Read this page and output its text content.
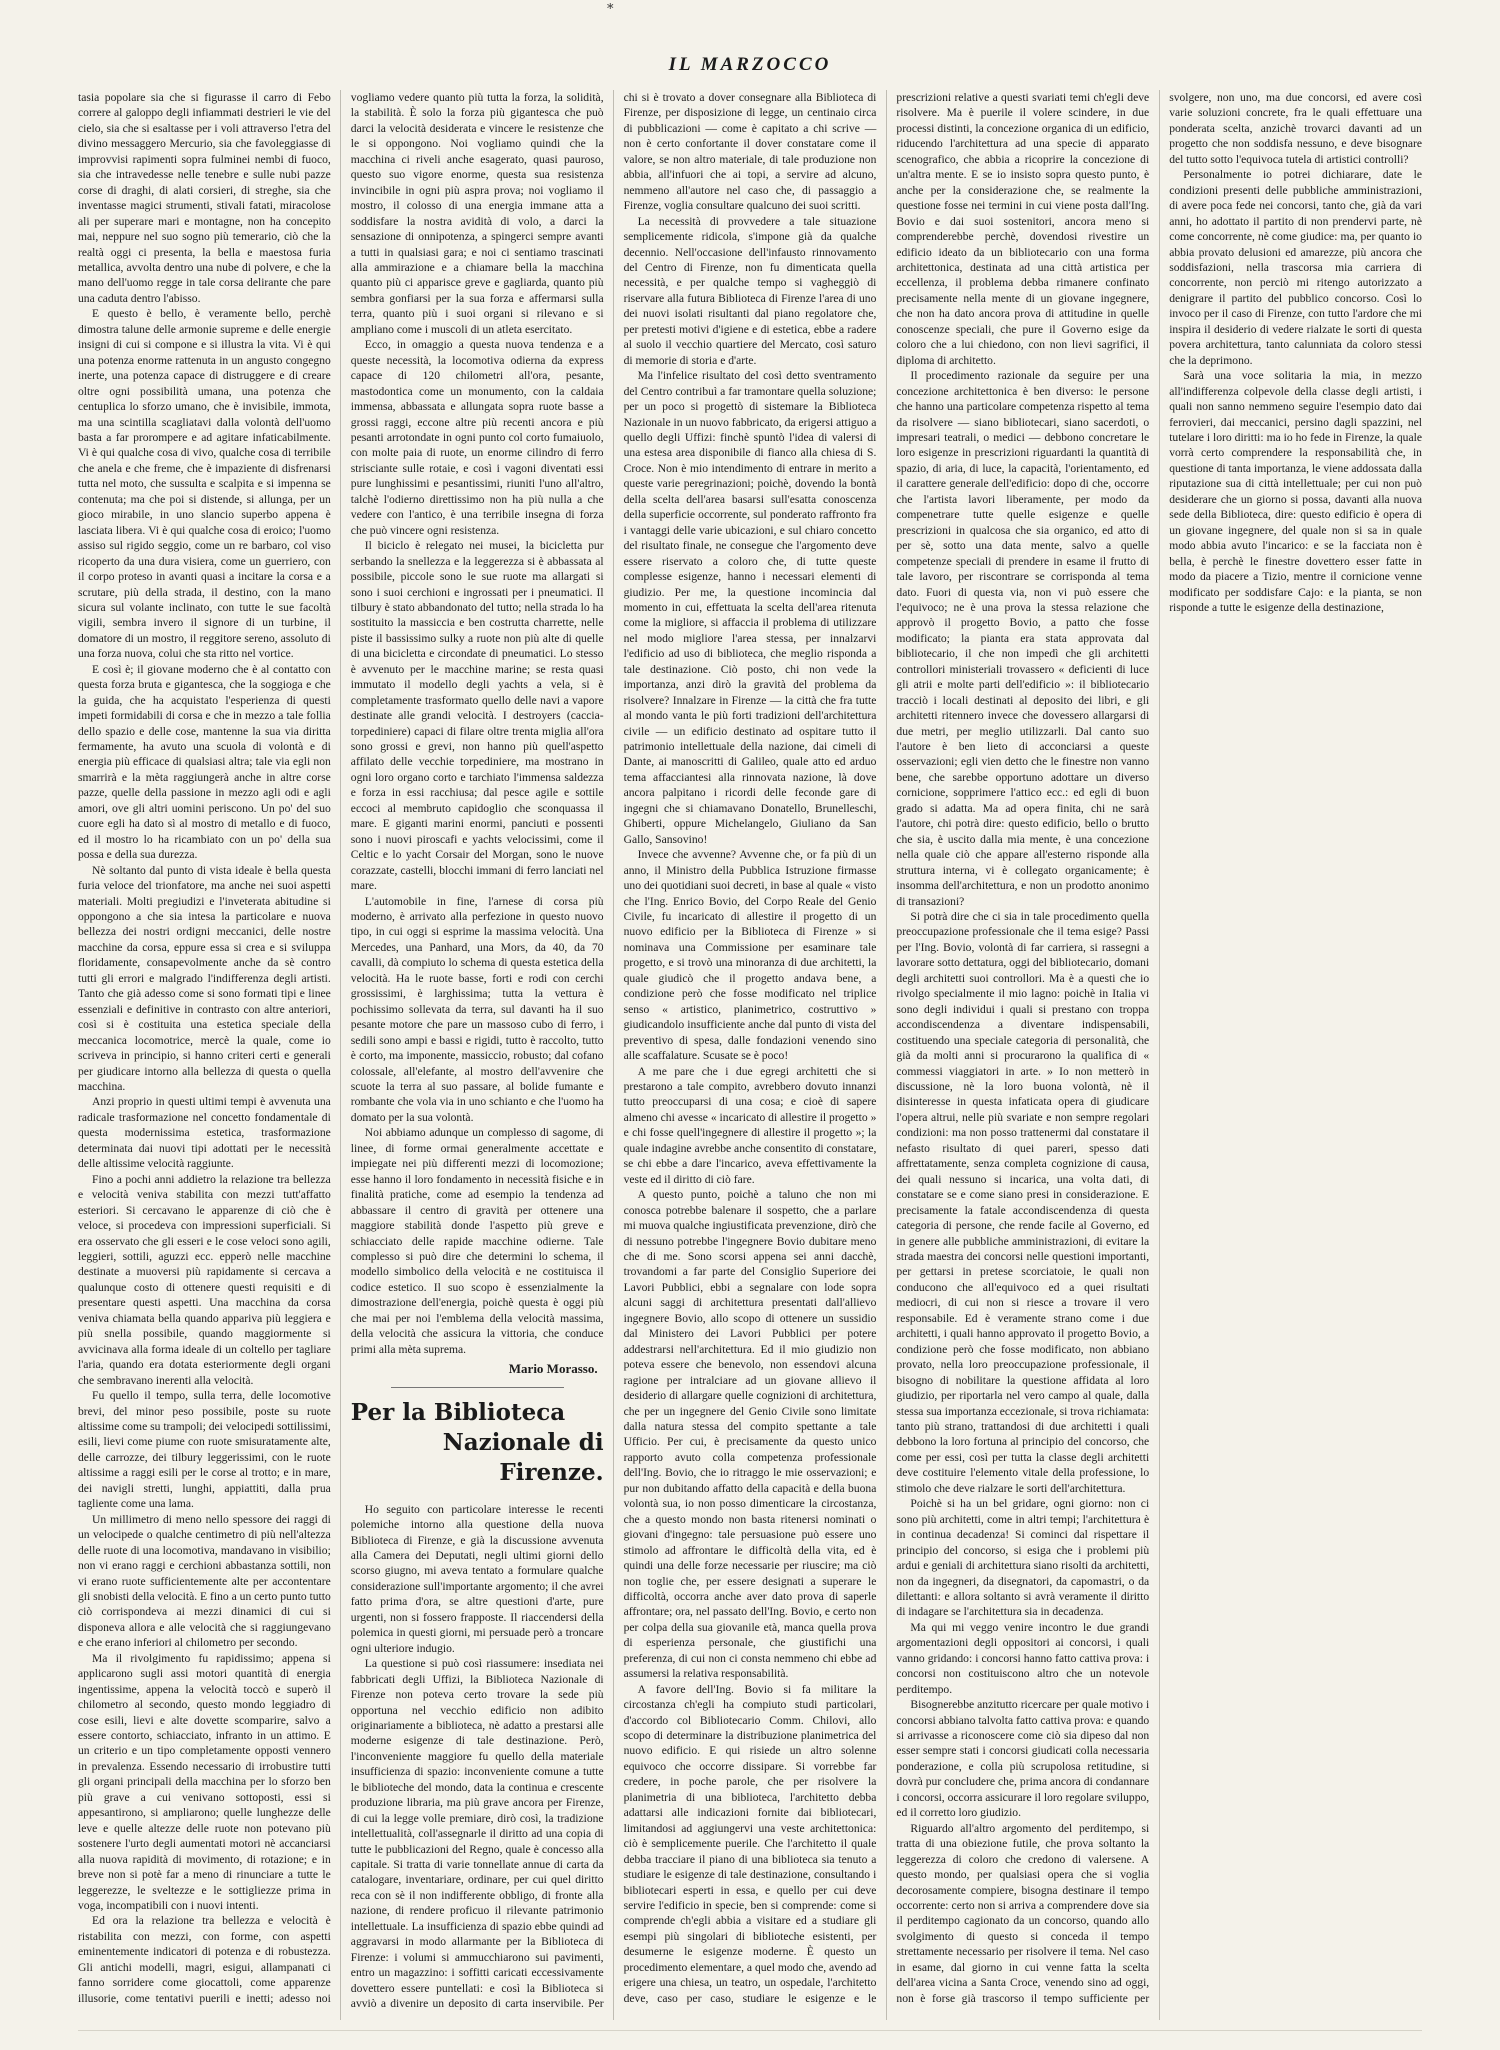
*
IL MARZOCCO

tasia popolare sia che si figurasse il carro di Febo correre al galoppo degli infiammati destrieri le vie del cielo, sia che si esaltasse per i voli attraverso l'etra del divino messaggero Mercurio, sia che favoleggiasse di improvvisi rapimenti sopra fulminei nembi di fuoco, sia che intravedesse nelle tenebre e sulle nubi pazze corse di draghi, di alati corsieri, di streghe, sia che inventasse magici strumenti, stivali fatati, miracolose ali per superare mari e montagne, non ha concepito mai, neppure nel suo sogno più temerario, ciò che la realtà oggi ci presenta, la bella e maestosa furia metallica, avvolta dentro una nube di polvere, e che la mano dell'uomo regge in tale corsa delirante che pare una caduta dentro l'abisso.

E questo è bello, è veramente bello, perchè dimostra talune delle armonie supreme e delle energie insigni di cui si compone e si illustra la vita. Vi è qui una potenza enorme rattenuta in un angusto congegno inerte, una potenza capace di distruggere e di creare oltre ogni possibilità umana, una potenza che centuplica lo sforzo umano, che è invisibile, immota, ma una scintilla scagliatavi dalla volontà dell'uomo basta a far prorompere e ad agitare infaticabilmente. Vi è qui qualche cosa di vivo, qualche cosa di terribile che anela e che freme, che è impaziente di disfrenarsi tutta nel moto, che sussulta e scalpita e si impenna se contenuta; ma che poi si distende, si allunga, per un gioco mirabile, in uno slancio superbo appena è lasciata libera. Vi è qui qualche cosa di eroico; l'uomo assiso sul rigido seggio, come un re barbaro, col viso ricoperto da una dura visiera, come un guerriero, con il corpo proteso in avanti quasi a incitare la corsa e a scrutare, più della strada, il destino, con la mano sicura sul volante inclinato, con tutte le sue facoltà vigili, sembra invero il signore di un turbine, il domatore di un mostro, il reggitore sereno, assoluto di una forza nuova, colui che sta ritto nel vortice.

E così è; il giovane moderno che è al contatto con questa forza bruta e gigantesca, che la soggioga e che la guida, che ha acquistato l'esperienza di questi impeti formidabili di corsa e che in mezzo a tale follia dello spazio e delle cose, mantenne la sua via diritta fermamente, ha avuto una scuola di volontà e di energia più efficace di qualsiasi altra; tale via egli non smarrirà e la mèta raggiungerà anche in altre corse pazze, quelle della passione in mezzo agli odi e agli amori, ove gli altri uomini periscono. Un po' del suo cuore egli ha dato sì al mostro di metallo e di fuoco, ed il mostro lo ha ricambiato con un po' della sua possa e della sua durezza.

Nè soltanto dal punto di vista ideale è bella questa furia veloce del trionfatore, ma anche nei suoi aspetti materiali. Molti pregiudizi e l'inveterata abitudine si oppongono a che sia intesa la particolare e nuova bellezza dei nostri ordigni meccanici, delle nostre macchine da corsa, eppure essa si crea e si sviluppa floridamente, consapevolmente anche da sè contro tutti gli errori e malgrado l'indifferenza degli artisti. Tanto che già adesso come si sono formati tipi e linee essenziali e definitive in contrasto con altre anteriori, così si è costituita una estetica speciale della meccanica locomotrice, mercè la quale, come io scriveva in principio, si hanno criteri certi e generali per giudicare intorno alla bellezza di questa o quella macchina.

Anzi proprio in questi ultimi tempi è avvenuta una radicale trasformazione nel concetto fondamentale di questa modernissima estetica, trasformazione determinata dai nuovi tipi adottati per le necessità delle altissime velocità raggiunte.

Fino a pochi anni addietro la relazione tra bellezza e velocità veniva stabilita con mezzi tutt'affatto esteriori. Si cercavano le apparenze di ciò che è veloce, si procedeva con impressioni superficiali. Si era osservato che gli esseri e le cose veloci sono agili, leggieri, sottili, aguzzi ecc. epperò nelle macchine destinate a muoversi più rapidamente si cercava a qualunque costo di ottenere questi requisiti e di presentare questi aspetti. Una macchina da corsa veniva chiamata bella quando appariva più leggiera e più snella possibile, quando maggiormente si avvicinava alla forma ideale di un coltello per tagliare l'aria, quando era dotata esteriormente degli organi che sembravano inerenti alla velocità.

Fu quello il tempo, sulla terra, delle locomotive brevi, del minor peso possibile, poste su ruote altissime come su trampoli; dei velocipedi sottilissimi, esili, lievi come piume con ruote smisuratamente alte, delle carrozze, dei tilbury leggerissimi, con le ruote altissime a raggi esili per le corse al trotto; e in mare, dei navigli stretti, lunghi, appiattiti, dalla prua tagliente come una lama.

Un millimetro di meno nello spessore dei raggi di un velocipede o qualche centimetro di più nell'altezza delle ruote di una locomotiva, mandavano in visibilio; non vi erano raggi e cerchioni abbastanza sottili, non vi erano ruote sufficientemente alte per accontentare gli snobisti della velocità. E fino a un certo punto tutto ciò corrispondeva ai mezzi dinamici di cui si disponeva allora e alle velocità che si raggiungevano e che erano inferiori al chilometro per secondo.

Ma il rivolgimento fu rapidissimo; appena si applicarono sugli assi motori quantità di energia ingentissime, appena la velocità toccò e superò il chilometro al secondo, questo mondo leggiadro di cose esili, lievi e alte dovette scomparire, salvo a essere contorto, schiacciato, infranto in un attimo. E un criterio e un tipo completamente opposti vennero in prevalenza. Essendo necessario di irrobustire tutti gli organi principali della macchina per lo sforzo ben più grave a cui venivano sottoposti, essi si appesantirono, si ampliarono; quelle lunghezze delle leve e quelle altezze delle ruote non potevano più sostenere l'urto degli aumentati motori nè accanciarsi alla nuova rapidità di movimento, di rotazione; e in breve non si potè far a meno di rinunciare a tutte le leggerezze, le sveltezze e le sottigliezze prima in voga, incompatibili con i nuovi intenti.

Ed ora la relazione tra bellezza e velocità è ristabilita con mezzi, con forme, con aspetti eminentemente indicatori di potenza e di robustezza. Gli antichi modelli, magri, esigui, allampanati ci fanno sorridere come giocattoli, come apparenze illusorie, come tentativi puerili e inetti; adesso noi vogliamo vedere quanto più tutta la forza, la solidità, la stabilità. È solo la forza più gigantesca che può darci la velocità desiderata e vincere le resistenze che le si oppongono. Noi vogliamo quindi che la macchina ci riveli anche esagerato, quasi pauroso, questo suo vigore enorme, questa sua resistenza invincibile in ogni più aspra prova; noi vogliamo il mostro, il colosso di una energia immane atta a soddisfare la nostra avidità di volo, a darci la sensazione di onnipotenza, a spingerci sempre avanti a tutti in qualsiasi gara; e noi ci sentiamo trascinati alla ammirazione e a chiamare bella la macchina quanto più ci apparisce greve e gagliarda, quanto più sembra gonfiarsi per la sua forza e affermarsi sulla terra, quanto più i suoi organi si rilevano e si ampliano come i muscoli di un atleta esercitato.

Ecco, in omaggio a questa nuova tendenza e a queste necessità, la locomotiva odierna da express capace di 120 chilometri all'ora, pesante, mastodontica come un monumento, con la caldaia immensa, abbassata e allungata sopra ruote basse a grossi raggi, eccone altre più recenti ancora e più pesanti arrotondate in ogni punto col corto fumaiuolo, con molte paia di ruote, un enorme cilindro di ferro strisciante sulle rotaie, e così i vagoni diventati essi pure lunghissimi e pesantissimi, riuniti l'uno all'altro, talchè l'odierno direttissimo non ha più nulla a che vedere con l'antico, è una terribile insegna di forza che può vincere ogni resistenza.

Il biciclo è relegato nei musei, la bicicletta pur serbando la snellezza e la leggerezza si è abbassata al possibile, piccole sono le sue ruote ma allargati si sono i suoi cerchioni e ingrossati per i pneumatici. Il tilbury è stato abbandonato del tutto; nella strada lo ha sostituito la massiccia e ben costrutta charrette, nelle piste il bassissimo sulky a ruote non più alte di quelle di una bicicletta e circondate di pneumatici. Lo stesso è avvenuto per le macchine marine; se resta quasi immutato il modello degli yachts a vela, si è completamente trasformato quello delle navi a vapore destinate alle grandi velocità. I destroyers (caccia-torpediniere) capaci di filare oltre trenta miglia all'ora sono grossi e grevi, non hanno più quell'aspetto affilato delle vecchie torpediniere, ma mostrano in ogni loro organo corto e tarchiato l'immensa saldezza e forza in essi racchiusa; dal pesce agile e sottile eccoci al membruto capidoglio che sconquassa il mare. E giganti marini enormi, panciuti e possenti sono i nuovi piroscafi e yachts velocissimi, come il Celtic e lo yacht Corsair del Morgan, sono le nuove corazzate, castelli, blocchi immani di ferro lanciati nel mare.

L'automobile in fine, l'arnese di corsa più moderno, è arrivato alla perfezione in questo nuovo tipo, in cui oggi si esprime la massima velocità. Una Mercedes, una Panhard, una Mors, da 40, da 70 cavalli, dà compiuto lo schema di questa estetica della velocità. Ha le ruote basse, forti e rodi con cerchi grossissimi, è larghissima; tutta la vettura è pochissimo sollevata da terra, sul davanti ha il suo pesante motore che pare un massoso cubo di ferro, i sedili sono ampi e bassi e rigidi, tutto è raccolto, tutto è corto, ma imponente, massiccio, robusto; dal cofano colossale, all'elefante, al mostro dell'avvenire che scuote la terra al suo passare, al bolide fumante e rombante che vola via in uno schianto e che l'uomo ha domato per la sua volontà.

Noi abbiamo adunque un complesso di sagome, di linee, di forme ormai generalmente accettate e impiegate nei più differenti mezzi di locomozione; esse hanno il loro fondamento in necessità fisiche e in finalità pratiche, come ad esempio la tendenza ad abbassare il centro di gravità per ottenere una maggiore stabilità donde l'aspetto più greve e schiacciato delle rapide macchine odierne. Tale complesso si può dire che determini lo schema, il modello simbolico della velocità e ne costituisca il codice estetico. Il suo scopo è essenzialmente la dimostrazione dell'energia, poichè questa è oggi più che mai per noi l'emblema della velocità massima, della velocità che assicura la vittoria, che conduce primi alla mèta suprema.

Mario Morasso.
Per la Biblioteca
Nazionale di Firenze.

Ho seguito con particolare interesse le recenti polemiche intorno alla questione della nuova Biblioteca di Firenze, e già la discussione avvenuta alla Camera dei Deputati, negli ultimi giorni dello scorso giugno, mi aveva tentato a formulare qualche considerazione sull'importante argomento; il che avrei fatto prima d'ora, se altre questioni d'arte, pure urgenti, non si fossero frapposte. Il riaccendersi della polemica in questi giorni, mi persuade però a troncare ogni ulteriore indugio.

La questione si può così riassumere: insediata nei fabbricati degli Uffizi, la Biblioteca Nazionale di Firenze non poteva certo trovare la sede più opportuna nel vecchio edificio non adibito originariamente a biblioteca, nè adatto a prestarsi alle moderne esigenze di tale destinazione. Però, l'inconveniente maggiore fu quello della materiale insufficienza di spazio: inconveniente comune a tutte le biblioteche del mondo, data la continua e crescente produzione libraria, ma più grave ancora per Firenze, di cui la legge volle premiare, dirò così, la tradizione intellettualità, coll'assegnarle il diritto ad una copia di tutte le pubblicazioni del Regno, quale è concesso alla capitale. Si tratta di varie tonnellate annue di carta da catalogare, inventariare, ordinare, per cui quel diritto reca con sè il non indifferente obbligo, di fronte alla nazione, di rendere proficuo il rilevante patrimonio intellettuale. La insufficienza di spazio ebbe quindi ad aggravarsi in modo allarmante per la Biblioteca di Firenze: i volumi si ammucchiarono sui pavimenti, entro un magazzino: i soffitti caricati eccessivamente dovettero essere puntellati: e così la Biblioteca si avviò a divenire un deposito di carta inservibile. Per chi si è trovato a dover consegnare alla Biblioteca di Firenze, per disposizione di legge, un centinaio circa di pubblicazioni — come è capitato a chi scrive — non è certo confortante il dover constatare come il valore, se non altro materiale, di tale produzione non abbia, all'infuori che ai topi, a servire ad alcuno, nemmeno all'autore nel caso che, di passaggio a Firenze, voglia consultare qualcuno dei suoi scritti.

La necessità di provvedere a tale situazione semplicemente ridicola, s'impone già da qualche decennio. Nell'occasione dell'infausto rinnovamento del Centro di Firenze, non fu dimenticata quella necessità, e per qualche tempo si vagheggiò di riservare alla futura Biblioteca di Firenze l'area di uno dei nuovi isolati risultanti dal piano regolatore che, per pretesti motivi d'igiene e di estetica, ebbe a radere al suolo il vecchio quartiere del Mercato, così saturo di memorie di storia e d'arte.

Ma l'infelice risultato del così detto sventramento del Centro contribuì a far tramontare quella soluzione; per un poco si progettò di sistemare la Biblioteca Nazionale in un nuovo fabbricato, da erigersi attiguo a quello degli Uffizi: finchè spuntò l'idea di valersi di una estesa area disponibile di fianco alla chiesa di S. Croce. Non è mio intendimento di entrare in merito a queste varie peregrinazioni; poichè, dovendo la bontà della scelta dell'area basarsi sull'esatta conoscenza della superficie occorrente, sul ponderato raffronto fra i vantaggi delle varie ubicazioni, e sul chiaro concetto del risultato finale, ne consegue che l'argomento deve essere riservato a coloro che, di tutte queste complesse esigenze, hanno i necessari elementi di giudizio. Per me, la questione incomincia dal momento in cui, effettuata la scelta dell'area ritenuta come la migliore, si affaccia il problema di utilizzare nel modo migliore l'area stessa, per innalzarvi l'edificio ad uso di biblioteca, che meglio risponda a tale destinazione. Ciò posto, chi non vede la importanza, anzi dirò la gravità del problema da risolvere? Innalzare in Firenze — la città che fra tutte al mondo vanta le più forti tradizioni dell'architettura civile — un edificio destinato ad ospitare tutto il patrimonio intellettuale della nazione, dai cimeli di Dante, ai manoscritti di Galileo, quale atto ed arduo tema affacciantesi alla rinnovata nazione, là dove ancora palpitano i ricordi delle feconde gare di ingegni che si chiamavano Donatello, Brunelleschi, Ghiberti, oppure Michelangelo, Giuliano da San Gallo, Sansovino!

Invece che avvenne? Avvenne che, or fa più di un anno, il Ministro della Pubblica Istruzione firmasse uno dei quotidiani suoi decreti, in base al quale « visto che l'Ing. Enrico Bovio, del Corpo Reale del Genio Civile, fu incaricato di allestire il progetto di un nuovo edificio per la Biblioteca di Firenze » si nominava una Commissione per esaminare tale progetto, e si trovò una minoranza di due architetti, la quale giudicò che il progetto andava bene, a condizione però che fosse modificato nel triplice senso « artistico, planimetrico, costruttivo » giudicandolo insufficiente anche dal punto di vista del preventivo di spesa, dalle fondazioni venendo sino alle scaffalature. Scusate se è poco!

A me pare che i due egregi architetti che si prestarono a tale compito, avrebbero dovuto innanzi tutto preoccuparsi di una cosa; e cioè di sapere almeno chi avesse « incaricato di allestire il progetto » e chi fosse quell'ingegnere di allestire il progetto »; la quale indagine avrebbe anche consentito di constatare, se chi ebbe a dare l'incarico, aveva effettivamente la veste ed il diritto di ciò fare.

A questo punto, poichè a taluno che non mi conosca potrebbe balenare il sospetto, che a parlare mi muova qualche ingiustificata prevenzione, dirò che di nessuno potrebbe l'ingegnere Bovio dubitare meno che di me. Sono scorsi appena sei anni dacchè, trovandomi a far parte del Consiglio Superiore dei Lavori Pubblici, ebbi a segnalare con lode sopra alcuni saggi di architettura presentati dall'allievo ingegnere Bovio, allo scopo di ottenere un sussidio dal Ministero dei Lavori Pubblici per potere addestrarsi nell'architettura. Ed il mio giudizio non poteva essere che benevolo, non essendovi alcuna ragione per intralciare ad un giovane allievo il desiderio di allargare quelle cognizioni di architettura, che per un ingegnere del Genio Civile sono limitate dalla natura stessa del compito spettante a tale Ufficio. Per cui, è precisamente da questo unico rapporto avuto colla competenza professionale dell'Ing. Bovio, che io ritraggo le mie osservazioni; e pur non dubitando affatto della capacità e della buona volontà sua, io non posso dimenticare la circostanza, che a questo mondo non basta ritenersi nominati o giovani d'ingegno: tale persuasione può essere uno stimolo ad affrontare le difficoltà della vita, ed è quindi una delle forze necessarie per riuscire; ma ciò non toglie che, per essere designati a superare le difficoltà, occorra anche aver dato prova di saperle affrontare; ora, nel passato dell'Ing. Bovio, e certo non per colpa della sua giovanile età, manca quella prova di esperienza personale, che giustifichi una preferenza, di cui non ci consta nemmeno chi ebbe ad assumersi la relativa responsabilità.

A favore dell'Ing. Bovio si fa militare la circostanza ch'egli ha compiuto studi particolari, d'accordo col Bibliotecario Comm. Chilovi, allo scopo di determinare la distribuzione planimetrica del nuovo edificio. E qui risiede un altro solenne equivoco che occorre dissipare. Si vorrebbe far credere, in poche parole, che per risolvere la planimetria di una biblioteca, l'architetto debba adattarsi alle indicazioni fornite dai bibliotecari, limitandosi ad aggiungervi una veste architettonica: ciò è semplicemente puerile. Che l'architetto il quale debba tracciare il piano di una biblioteca sia tenuto a studiare le esigenze di tale destinazione, consultando i bibliotecari esperti in essa, e quello per cui deve servire l'edificio in specie, ben si comprende: come si comprende ch'egli abbia a visitare ed a studiare gli esempi più singolari di biblioteche esistenti, per desumerne le esigenze moderne. È questo un procedimento elementare, a quel modo che, avendo ad erigere una chiesa, un teatro, un ospedale, l'architetto deve, caso per caso, studiare le esigenze e le prescrizioni relative a questi svariati temi ch'egli deve risolvere. Ma è puerile il volere scindere, in due processi distinti, la concezione organica di un edificio, riducendo l'architettura ad una specie di apparato scenografico, che abbia a ricoprire la concezione di un'altra mente. E se io insisto sopra questo punto, è anche per la considerazione che, se realmente la questione fosse nei termini in cui viene posta dall'Ing. Bovio e dai suoi sostenitori, ancora meno si comprenderebbe perchè, dovendosi rivestire un edificio ideato da un bibliotecario con una forma architettonica, destinata ad una città artistica per eccellenza, il problema debba rimanere confinato precisamente nella mente di un giovane ingegnere, che non ha dato ancora prova di attitudine in quelle conoscenze speciali, che pure il Governo esige da coloro che a lui chiedono, con non lievi sagrifici, il diploma di architetto.

Il procedimento razionale da seguire per una concezione architettonica è ben diverso: le persone che hanno una particolare competenza rispetto al tema da risolvere — siano bibliotecari, siano sacerdoti, o impresari teatrali, o medici — debbono concretare le loro esigenze in prescrizioni riguardanti la quantità di spazio, di aria, di luce, la capacità, l'orientamento, ed il carattere generale dell'edificio: dopo di che, occorre che l'artista lavori liberamente, per modo da compenetrare tutte quelle esigenze e quelle prescrizioni in qualcosa che sia organico, ed atto di per sè, sotto una data mente, salvo a quelle competenze speciali di prendere in esame il frutto di tale lavoro, per riscontrare se corrisponda al tema dato. Fuori di questa via, non vi può essere che l'equivoco; ne è una prova la stessa relazione che approvò il progetto Bovio, a patto che fosse modificato; la pianta era stata approvata dal bibliotecario, il che non impedì che gli architetti controllori ministeriali trovassero « deficienti di luce gli atrii e molte parti dell'edificio »: il bibliotecario tracciò i locali destinati al deposito dei libri, e gli architetti ritennero invece che dovessero allargarsi di due metri, per meglio utilizzarli. Dal canto suo l'autore è ben lieto di acconciarsi a queste osservazioni; egli vien detto che le finestre non vanno bene, che sarebbe opportuno adottare un diverso cornicione, sopprimere l'attico ecc.: ed egli di buon grado si adatta. Ma ad opera finita, chi ne sarà l'autore, chi potrà dire: questo edificio, bello o brutto che sia, è uscito dalla mia mente, è una concezione nella quale ciò che appare all'esterno risponde alla struttura interna, vi è collegato organicamente; è insomma dell'architettura, e non un prodotto anonimo di transazioni?

Si potrà dire che ci sia in tale procedimento quella preoccupazione professionale che il tema esige? Passi per l'Ing. Bovio, volontà di far carriera, si rassegni a lavorare sotto dettatura, oggi del bibliotecario, domani degli architetti suoi controllori. Ma è a questi che io rivolgo specialmente il mio lagno: poichè in Italia vi sono degli individui i quali si prestano con troppa accondiscendenza a diventare indispensabili, costituendo una speciale categoria di personalità, che già da molti anni si procurarono la qualifica di « commessi viaggiatori in arte. » Io non metterò in discussione, nè la loro buona volontà, nè il disinteresse in questa infaticata opera di giudicare l'opera altrui, nelle più svariate e non sempre regolari condizioni: ma non posso trattenermi dal constatare il nefasto risultato di quei pareri, spesso dati affrettatamente, senza completa cognizione di causa, dei quali nessuno si incarica, una volta dati, di constatare se e come siano presi in considerazione. E precisamente la fatale accondiscendenza di questa categoria di persone, che rende facile al Governo, ed in genere alle pubbliche amministrazioni, di evitare la strada maestra dei concorsi nelle questioni importanti, per gettarsi in pretese scorciatoie, le quali non conducono che all'equivoco ed a quei risultati mediocri, di cui non si riesce a trovare il vero responsabile. Ed è veramente strano come i due architetti, i quali hanno approvato il progetto Bovio, a condizione però che fosse modificato, non abbiano provato, nella loro preoccupazione professionale, il bisogno di nobilitare la questione affidata al loro giudizio, per riportarla nel vero campo al quale, dalla stessa sua importanza eccezionale, si trova richiamata: tanto più strano, trattandosi di due architetti i quali debbono la loro fortuna al principio del concorso, che come per essi, così per tutta la classe degli architetti deve costituire l'elemento vitale della professione, lo stimolo che deve rialzare le sorti dell'architettura.

Poichè si ha un bel gridare, ogni giorno: non ci sono più architetti, come in altri tempi; l'architettura è in continua decadenza! Si cominci dal rispettare il principio del concorso, si esiga che i problemi più ardui e geniali di architettura siano risolti da architetti, non da ingegneri, da disegnatori, da capomastri, o da dilettanti: e allora soltanto si avrà veramente il diritto di indagare se l'architettura sia in decadenza.

Ma qui mi veggo venire incontro le due grandi argomentazioni degli oppositori ai concorsi, i quali vanno gridando: i concorsi hanno fatto cattiva prova: i concorsi non costituiscono altro che un notevole perditempo.

Bisognerebbe anzitutto ricercare per quale motivo i concorsi abbiano talvolta fatto cattiva prova: e quando si arrivasse a riconoscere come ciò sia dipeso dal non esser sempre stati i concorsi giudicati colla necessaria ponderazione, e colla più scrupolosa retitudine, si dovrà pur concludere che, prima ancora di condannare i concorsi, occorra assicurare il loro regolare sviluppo, ed il corretto loro giudizio.

Riguardo all'altro argomento del perditempo, si tratta di una obiezione futile, che prova soltanto la leggerezza di coloro che credono di valersene. A questo mondo, per qualsiasi opera che si voglia decorosamente compiere, bisogna destinare il tempo occorrente: certo non si arriva a comprendere dove sia il perditempo cagionato da un concorso, quando allo svolgimento di questo si conceda il tempo strettamente necessario per risolvere il tema. Nel caso in esame, dal giorno in cui venne fatta la scelta dell'area vicina a Santa Croce, venendo sino ad oggi, non è forse già trascorso il tempo sufficiente per svolgere, non uno, ma due concorsi, ed avere così varie soluzioni concrete, fra le quali effettuare una ponderata scelta, anzichè trovarci davanti ad un progetto che non soddisfa nessuno, e deve bisognare del tutto sotto l'equivoca tutela di artistici controlli?

Personalmente io potrei dichiarare, date le condizioni presenti delle pubbliche amministrazioni, di avere poca fede nei concorsi, tanto che, già da vari anni, ho adottato il partito di non prendervi parte, nè come concorrente, nè come giudice: ma, per quanto io abbia provato delusioni ed amarezze, più ancora che soddisfazioni, nella trascorsa mia carriera di concorrente, non perciò mi ritengo autorizzato a denigrare il partito del pubblico concorso. Così lo invoco per il caso di Firenze, con tutto l'ardore che mi inspira il desiderio di vedere rialzate le sorti di questa povera architettura, tanto calunniata da coloro stessi che la deprimono.

Sarà una voce solitaria la mia, in mezzo all'indifferenza colpevole della classe degli artisti, i quali non sanno nemmeno seguire l'esempio dato dai ferrovieri, dai meccanici, persino dagli spazzini, nel tutelare i loro diritti: ma io ho fede in Firenze, la quale vorrà certo comprendere la responsabilità che, in questione di tanta importanza, le viene addossata dalla riputazione sua di città intellettuale; per cui non può desiderare che un giorno si possa, davanti alla nuova sede della Biblioteca, dire: questo edificio è opera di un giovane ingegnere, del quale non si sa in quale modo abbia avuto l'incarico: e se la facciata non è bella, è perchè le finestre dovettero esser fatte in modo da piacere a Tizio, mentre il cornicione venne modificato per soddisfare Cajo: e la pianta, se non risponde a tutte le esigenze della destinazione,
